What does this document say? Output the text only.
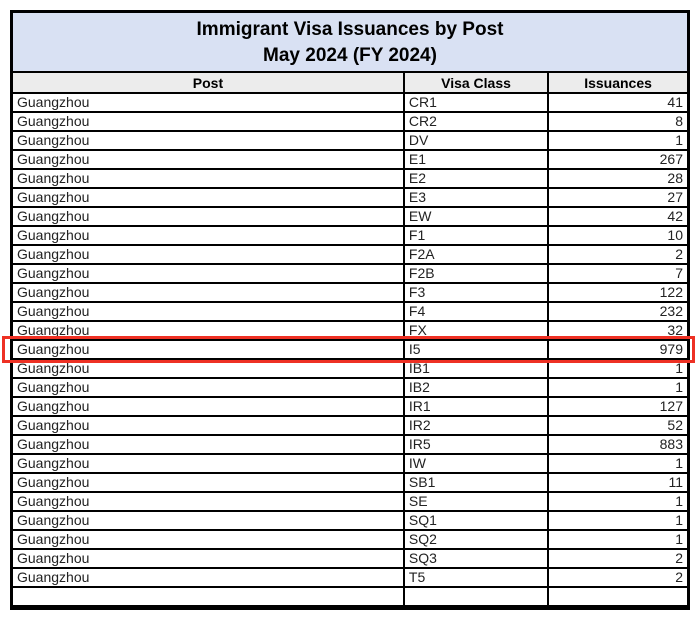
Immigrant Visa Issuances by Post
May 2024 (FY 2024)
Post	Visa Class	Issuances
Guangzhou	CR1	41
Guangzhou	CR2	8
Guangzhou	DV	1
Guangzhou	E1	267
Guangzhou	E2	28
Guangzhou	E3	27
Guangzhou	EW	42
Guangzhou	F1	10
Guangzhou	F2A	2
Guangzhou	F2B	7
Guangzhou	F3	122
Guangzhou	F4	232
Guangzhou	FX	32
Guangzhou	I5	979
Guangzhou	IB1	1
Guangzhou	IB2	1
Guangzhou	IR1	127
Guangzhou	IR2	52
Guangzhou	IR5	883
Guangzhou	IW	1
Guangzhou	SB1	11
Guangzhou	SE	1
Guangzhou	SQ1	1
Guangzhou	SQ2	1
Guangzhou	SQ3	2
Guangzhou	T5	2
